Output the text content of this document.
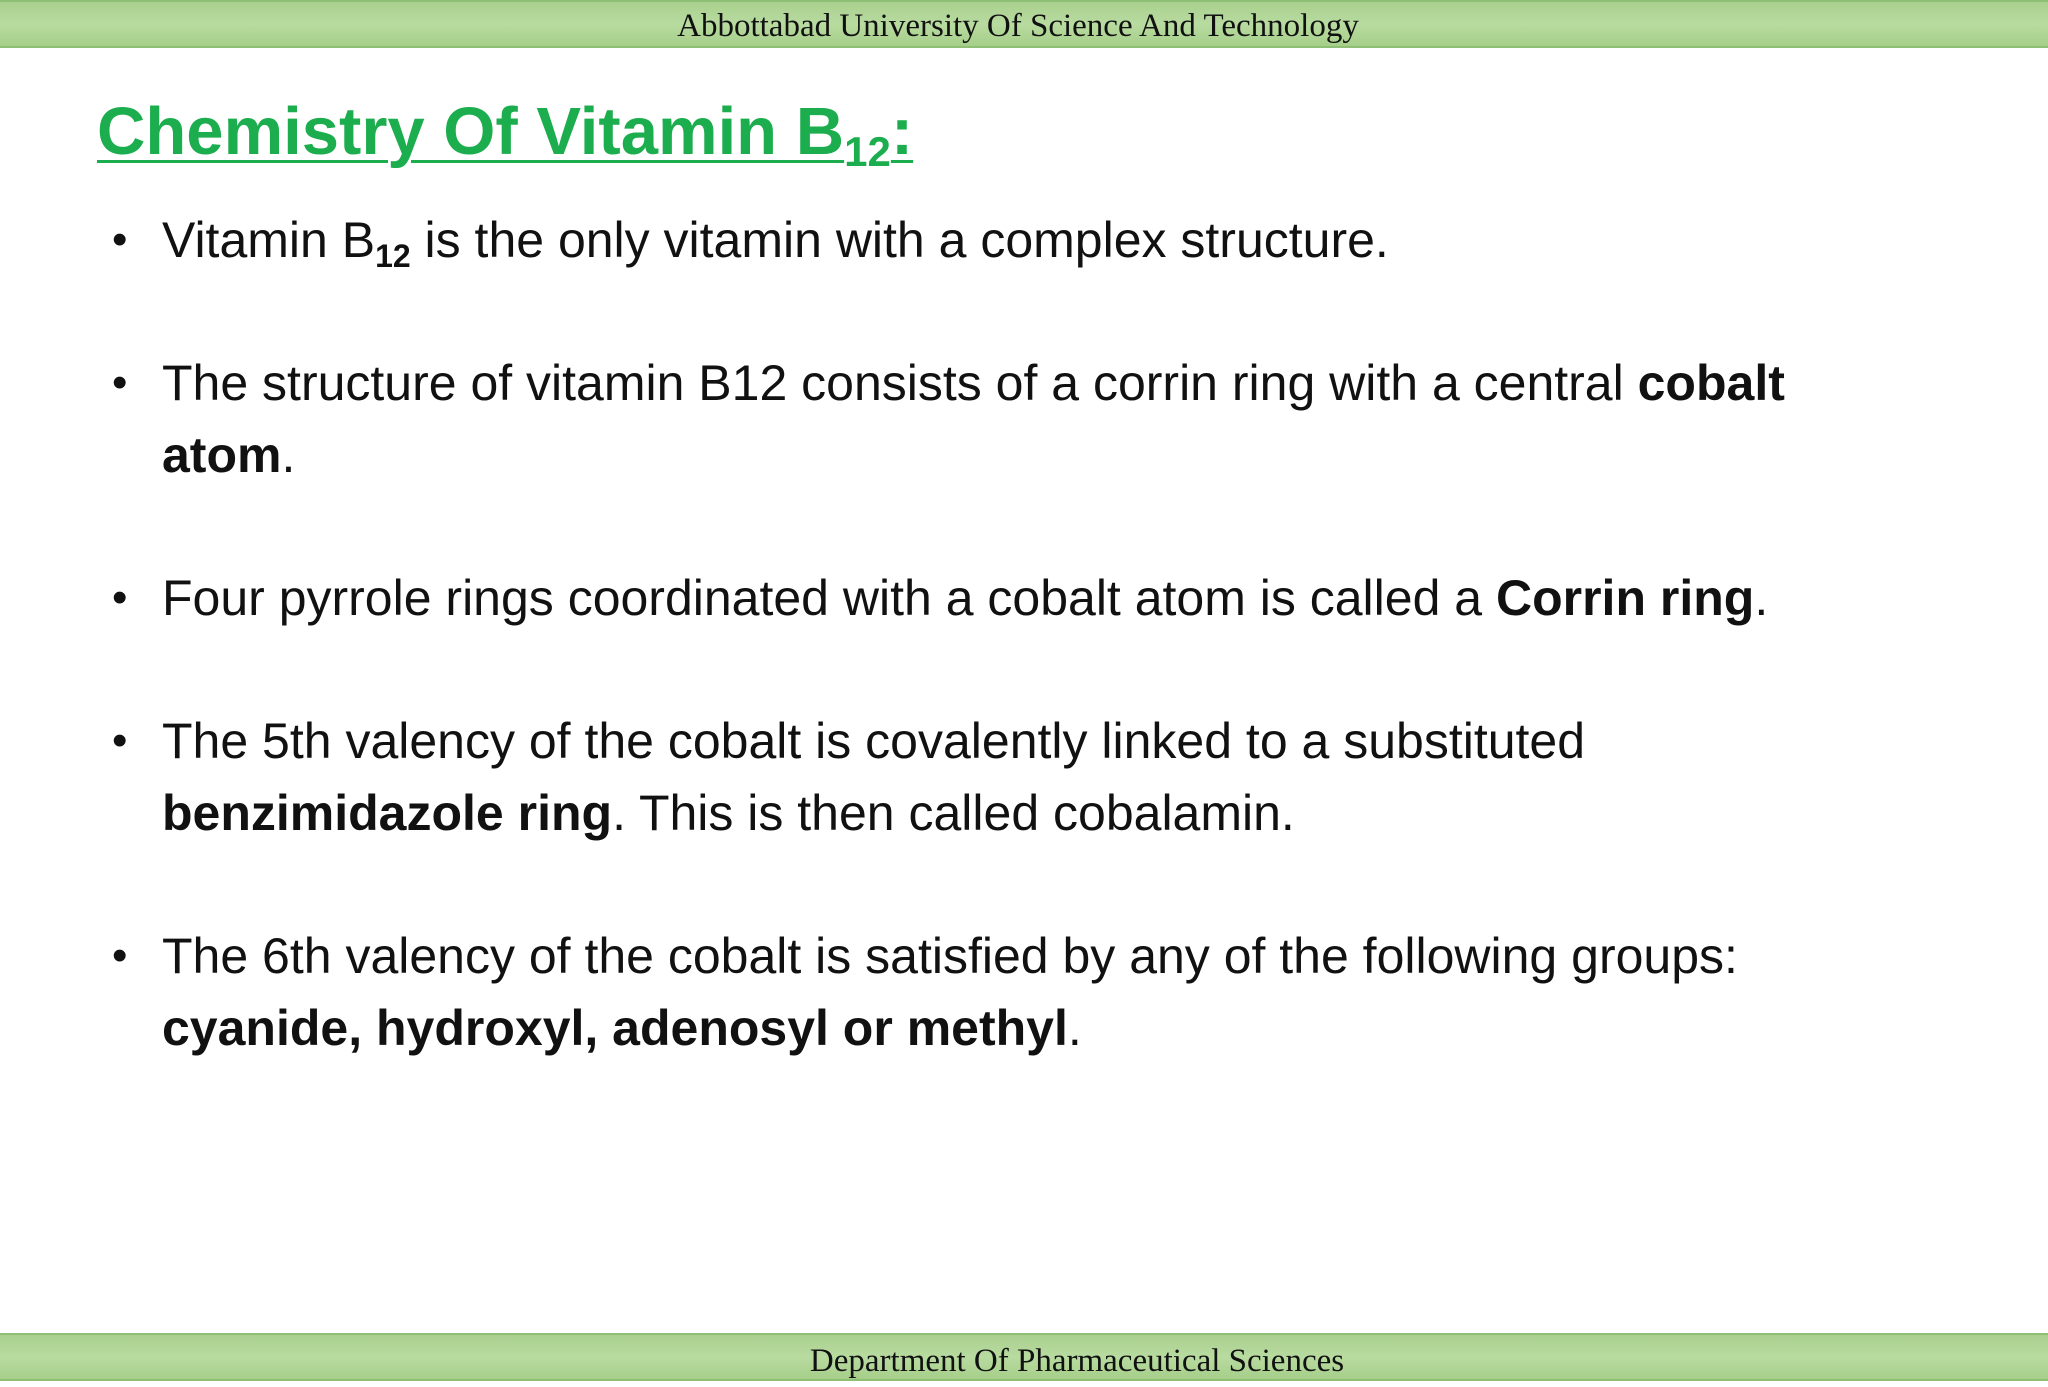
Abbottabad University Of Science And Technology
Chemistry Of Vitamin $B_{12}$:
• Vitamin $B_{12}$ is the only vitamin with a complex structure.
• The structure of vitamin B12 consists of a corrin ring with a central cobalt
atom.
• Four pyrrole rings coordinated with a cobalt atom is called a Corrin ring.
• The 5th valency of the cobalt is covalently linked to a substituted
benzimidazole ring. This is then called cobalamin.
• The 6th valency of the cobalt is satisfied by any of the following groups:
cyanide, hydroxyl, adenosyl or methyl.
Department Of Pharmaceutical Sciences
